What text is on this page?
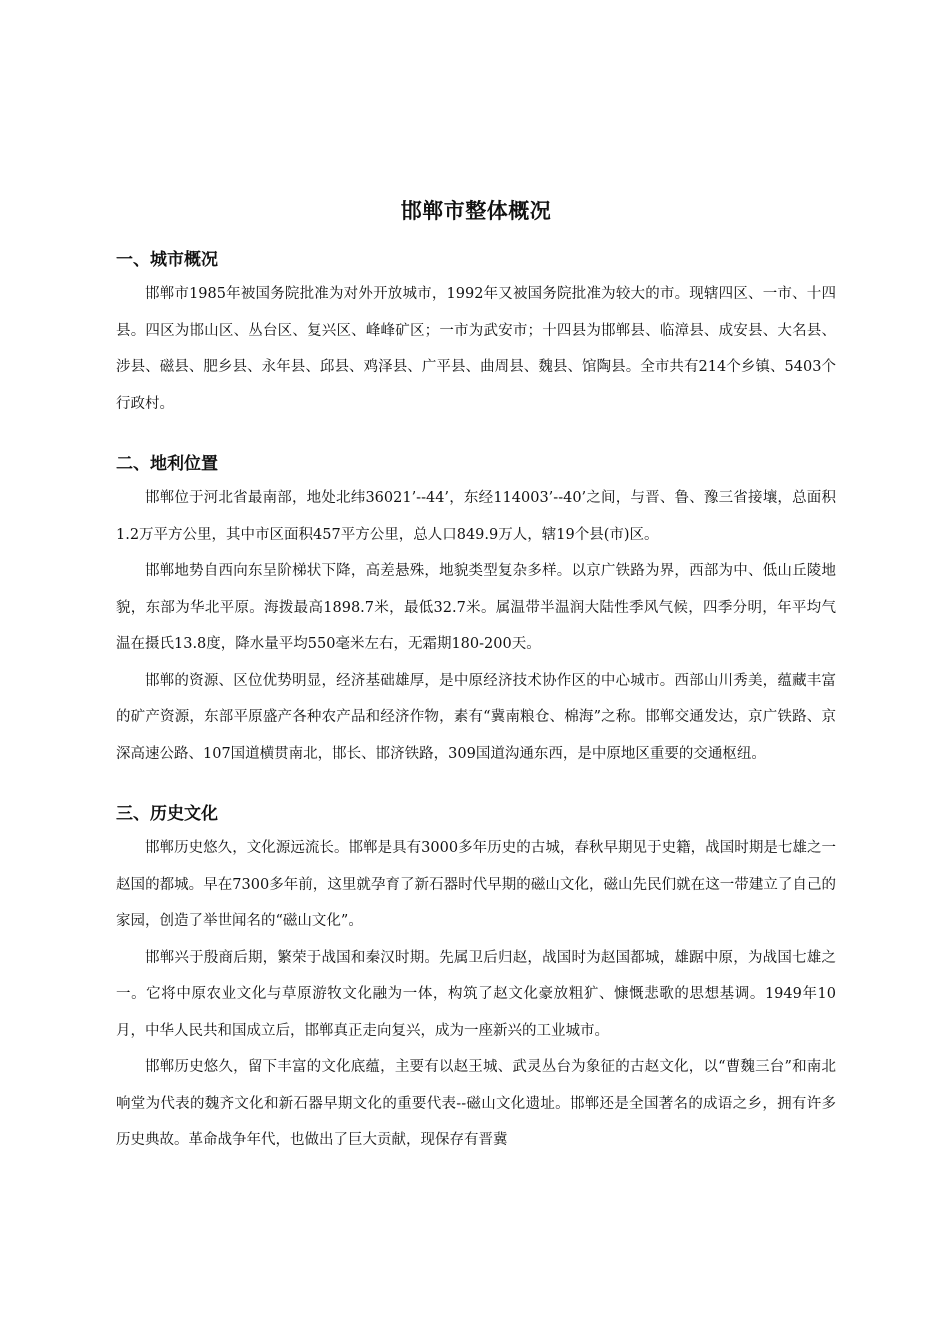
邯郸市整体概况
一、城市概况

邯郸市1985年被国务院批准为对外开放城市，1992年又被国务院批准为较大的市。现辖四区、一市、十四县。四区为邯山区、丛台区、复兴区、峰峰矿区；一市为武安市；十四县为邯郸县、临漳县、成安县、大名县、涉县、磁县、肥乡县、永年县、邱县、鸡泽县、广平县、曲周县、魏县、馆陶县。全市共有214个乡镇、5403个行政村。

二、地利位置

邯郸位于河北省最南部，地处北纬36021’--44’，东经114003’--40’之间，与晋、鲁、豫三省接壤，总面积1.2万平方公里，其中市区面积457平方公里，总人口849.9万人，辖19个县(市)区。

邯郸地势自西向东呈阶梯状下降，高差悬殊，地貌类型复杂多样。以京广铁路为界，西部为中、低山丘陵地貌，东部为华北平原。海拨最高1898.7米，最低32.7米。属温带半温润大陆性季风气候，四季分明，年平均气温在摄氏13.8度，降水量平均550毫米左右，无霜期180-200天。

邯郸的资源、区位优势明显，经济基础雄厚，是中原经济技术协作区的中心城市。西部山川秀美，蕴藏丰富的矿产资源，东部平原盛产各种农产品和经济作物，素有“冀南粮仓、棉海”之称。邯郸交通发达，京广铁路、京深高速公路、107国道横贯南北，邯长、邯济铁路，309国道沟通东西，是中原地区重要的交通枢纽。

三、历史文化

邯郸历史悠久，文化源远流长。邯郸是具有3000多年历史的古城，春秋早期见于史籍，战国时期是七雄之一赵国的都城。早在7300多年前，这里就孕育了新石器时代早期的磁山文化，磁山先民们就在这一带建立了自己的家园，创造了举世闻名的“磁山文化”。

邯郸兴于殷商后期，繁荣于战国和秦汉时期。先属卫后归赵，战国时为赵国都城，雄踞中原，为战国七雄之一。它将中原农业文化与草原游牧文化融为一体，构筑了赵文化豪放粗犷、慷慨悲歌的思想基调。1949年10月，中华人民共和国成立后，邯郸真正走向复兴，成为一座新兴的工业城市。

邯郸历史悠久，留下丰富的文化底蕴，主要有以赵王城、武灵丛台为象征的古赵文化，以“曹魏三台”和南北响堂为代表的魏齐文化和新石器早期文化的重要代表--磁山文化遗址。邯郸还是全国著名的成语之乡，拥有许多历史典故。革命战争年代，也做出了巨大贡献，现保存有晋冀
